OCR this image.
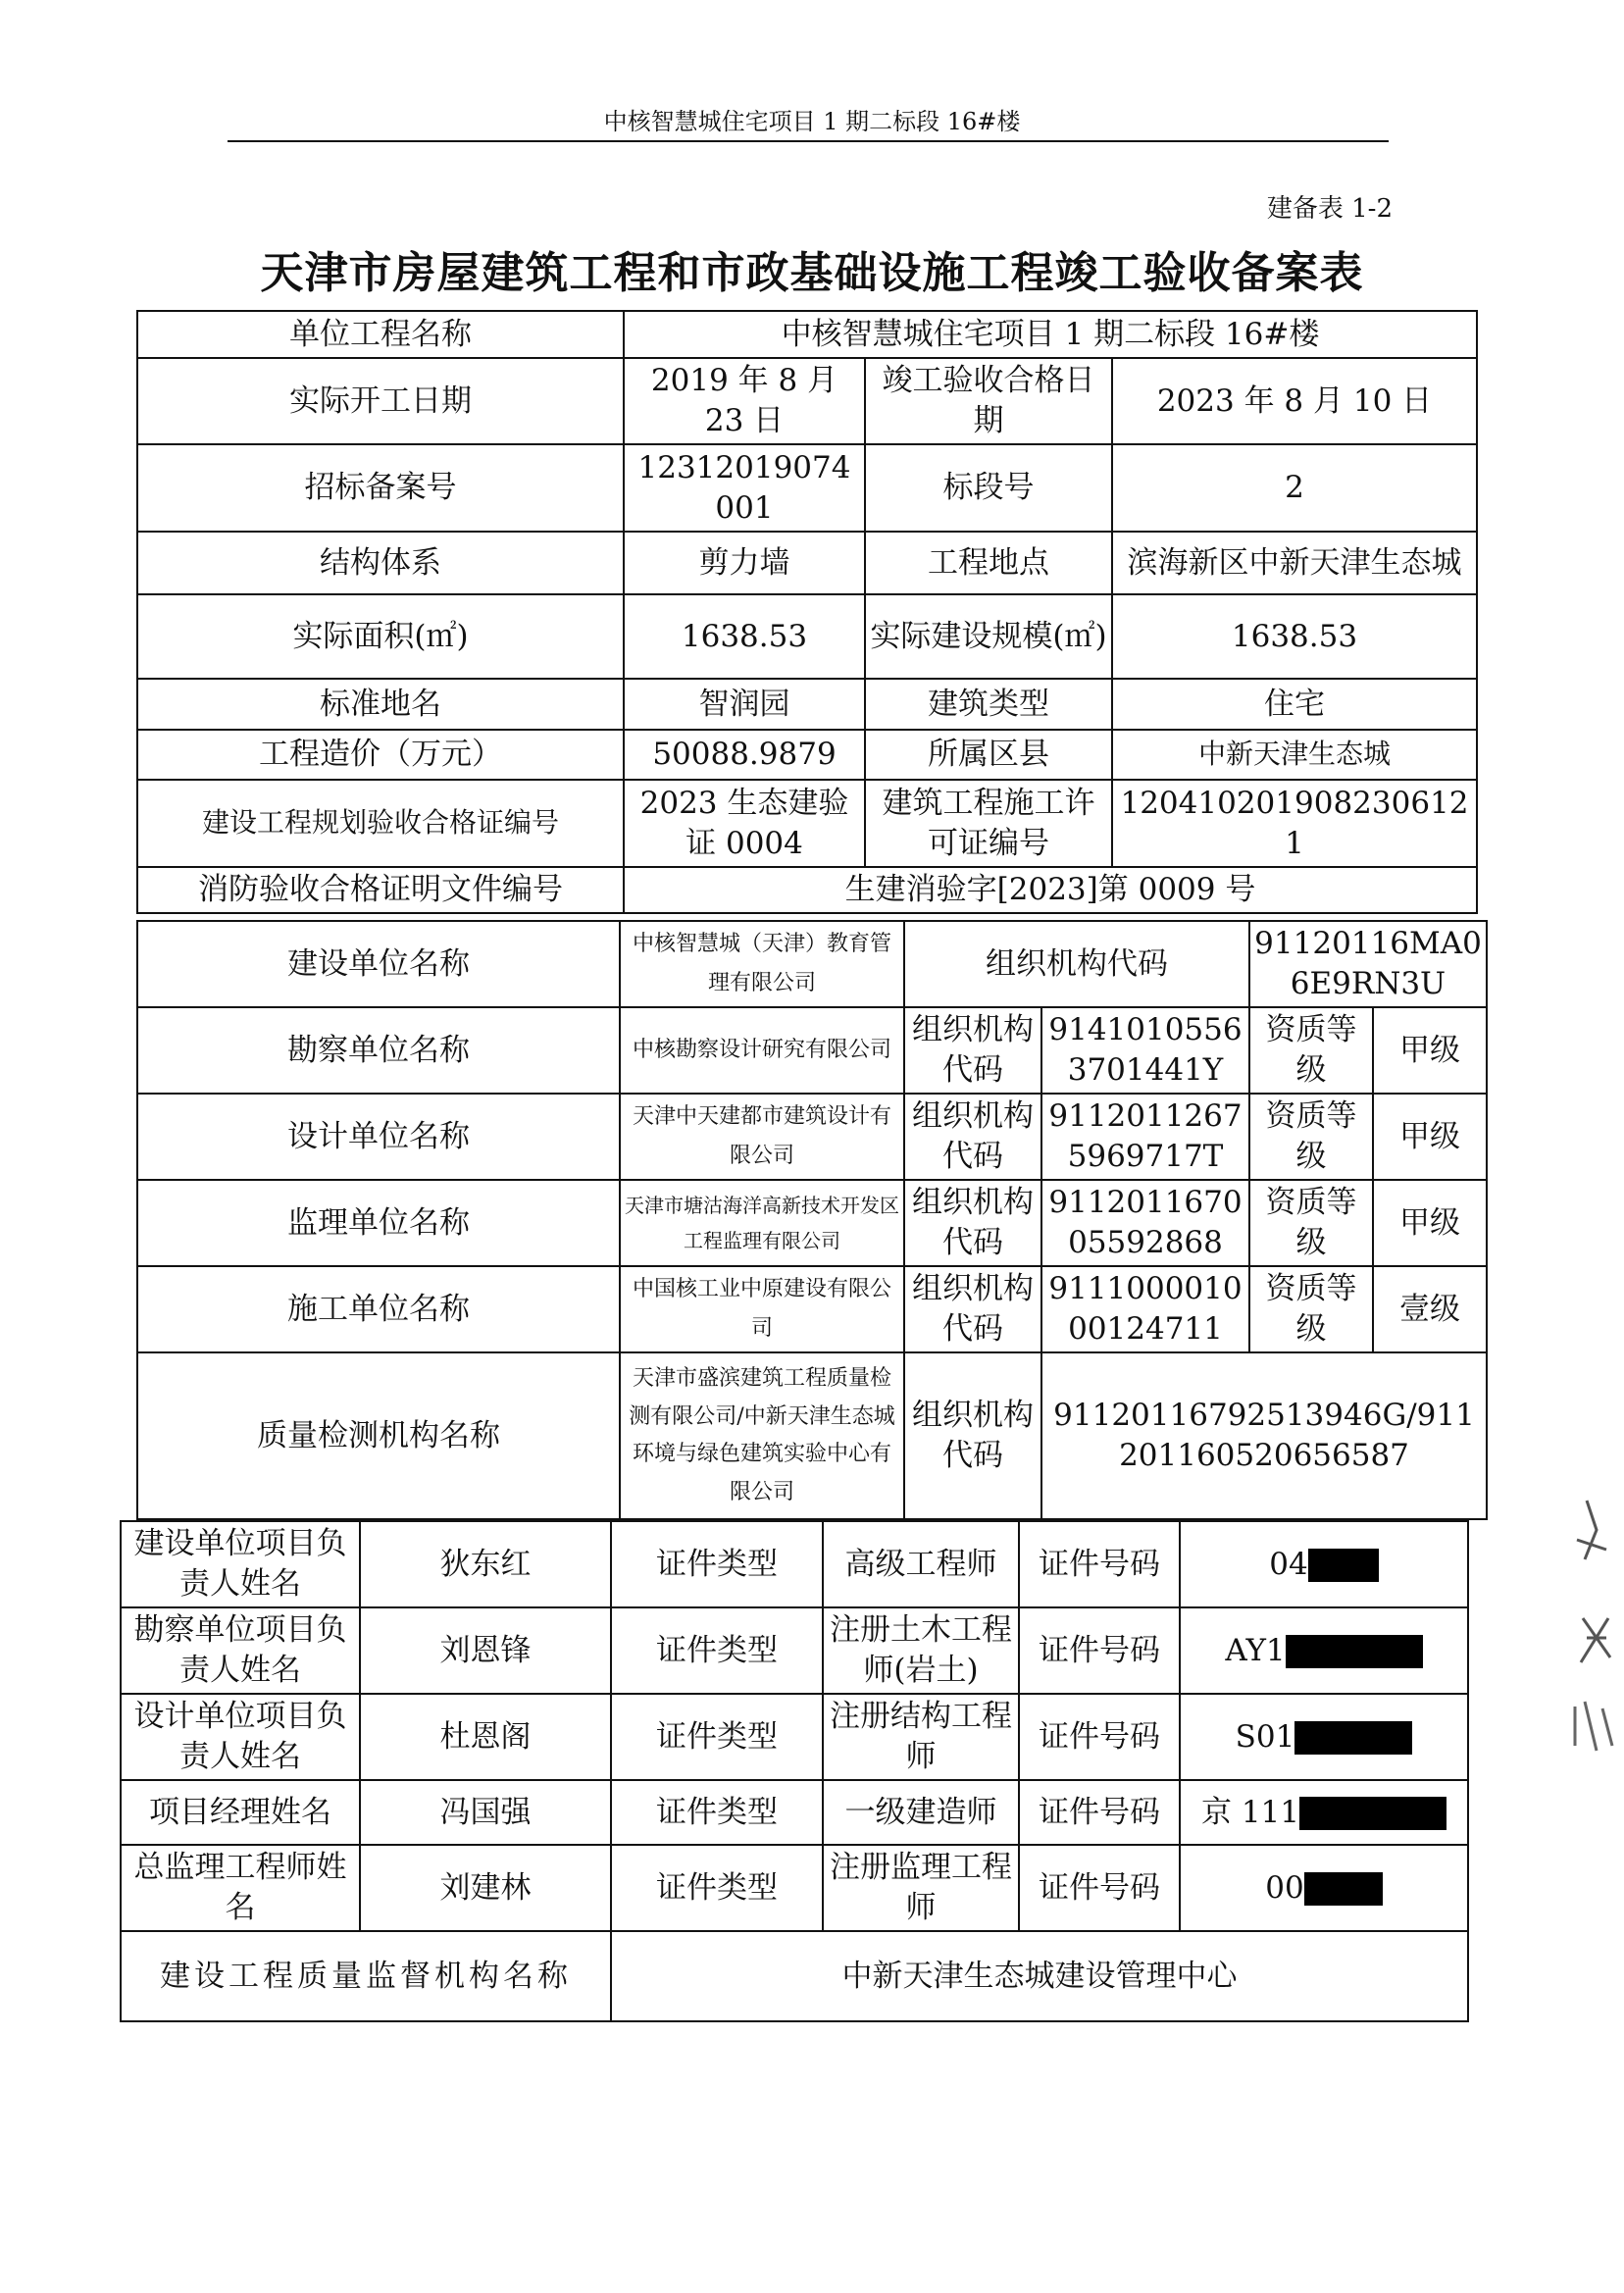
中核智慧城住宅项目 1 期二标段 16#楼
建备表 1-2
天津市房屋建筑工程和市政基础设施工程竣工验收备案表
单位工程名称	中核智慧城住宅项目 1 期二标段 16#楼		
实际开工日期	2019 年 8 月 23 日	竣工验收合格日期	2023 年 8 月 10 日
招标备案号	12312019074001	标段号	2
结构体系	剪力墙	工程地点	滨海新区中新天津生态城
实际面积(㎡)	1638.53	实际建设规模(㎡)	1638.53
标准地名	智润园	建筑类型	住宅
工程造价（万元）	50088.9879	所属区县	中新天津生态城
建设工程规划验收合格证编号	2023 生态建验证 0004	建筑工程施工许可证编号	120410201908230612 1
消防验收合格证明文件编号	生建消验字[2023]第 0009 号		
建设单位名称	中核智慧城（天津）教育管理有限公司	组织机构代码		91120116MA06E9RN3U	
勘察单位名称	中核勘察设计研究有限公司	组织机构代码	91410105563701441Y	资质等级	甲级
设计单位名称	天津中天建都市建筑设计有限公司	组织机构代码	91120112675969717T	资质等级	甲级
监理单位名称	天津市塘沽海洋高新技术开发区工程监理有限公司	组织机构代码	911201167005592868	资质等级	甲级
施工单位名称	中国核工业中原建设有限公司	组织机构代码	911100001000124711	资质等级	壹级
质量检测机构名称	天津市盛滨建筑工程质量检测有限公司/中新天津生态城环境与绿色建筑实验中心有限公司	组织机构代码	91120116792513946G/911201160520656587		
建设单位项目负责人姓名	狄东红	证件类型	高级工程师	证件号码	04
勘察单位项目负责人姓名	刘恩锋	证件类型	注册土木工程师(岩土)	证件号码	AY1
设计单位项目负责人姓名	杜恩阁	证件类型	注册结构工程师	证件号码	S01
项目经理姓名	冯国强	证件类型	一级建造师	证件号码	京 111
总监理工程师姓名	刘建林	证件类型	注册监理工程师	证件号码	00
建设工程质量监督机构名称		中新天津生态城建设管理中心			
